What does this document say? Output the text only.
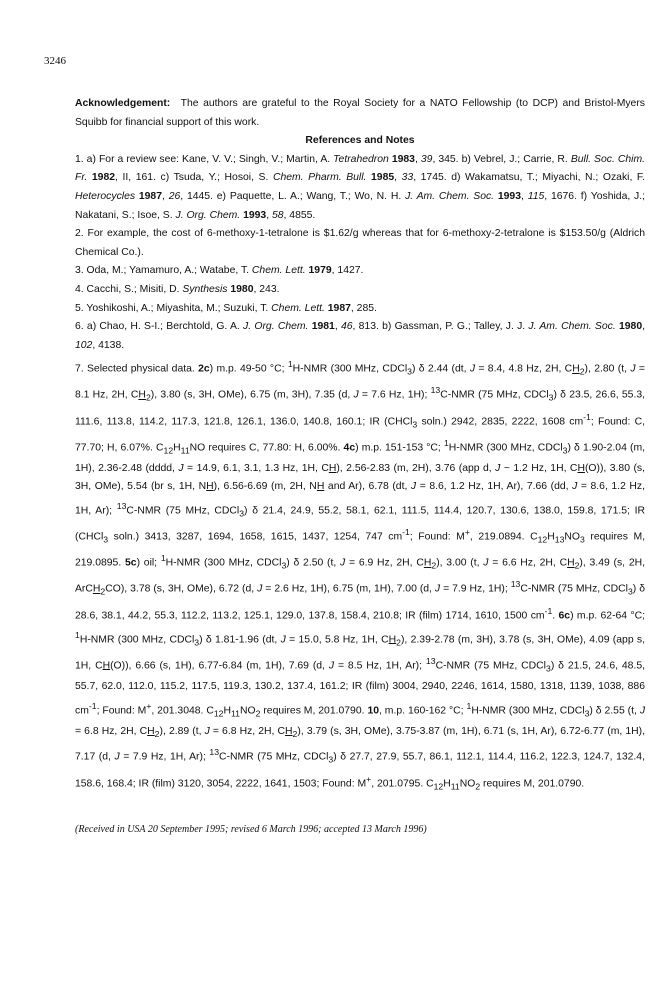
3246

Acknowledgement: The authors are grateful to the Royal Society for a NATO Fellowship (to DCP) and Bristol-Myers Squibb for financial support of this work.

References and Notes

1. a) For a review see: Kane, V. V.; Singh, V.; Martin, A. Tetrahedron 1983, 39, 345. b) Vebrel, J.; Carrie, R. Bull. Soc. Chim. Fr. 1982, II, 161. c) Tsuda, Y.; Hosoi, S. Chem. Pharm. Bull. 1985, 33, 1745. d) Wakamatsu, T.; Miyachi, N.; Ozaki, F. Heterocycles 1987, 26, 1445. e) Paquette, L. A.; Wang, T.; Wo, N. H. J. Am. Chem. Soc. 1993, 115, 1676. f) Yoshida, J.; Nakatani, S.; Isoe, S. J. Org. Chem. 1993, 58, 4855.

2. For example, the cost of 6-methoxy-1-tetralone is $1.62/g whereas that for 6-methoxy-2-tetralone is $153.50/g (Aldrich Chemical Co.).

3. Oda, M.; Yamamuro, A.; Watabe, T. Chem. Lett. 1979, 1427.

4. Cacchi, S.; Misiti, D. Synthesis 1980, 243.

5. Yoshikoshi, A.; Miyashita, M.; Suzuki, T. Chem. Lett. 1987, 285.

6. a) Chao, H. S-I.; Berchtold, G. A. J. Org. Chem. 1981, 46, 813. b) Gassman, P. G.; Talley, J. J. J. Am. Chem. Soc. 1980, 102, 4138.

7. Selected physical data. 2c) m.p. 49-50 °C; $^1$H-NMR (300 MHz, CDCl$_3$) δ 2.44 (dt, J = 8.4, 4.8 Hz, 2H, $CH_2$), 2.80 (t, J = 8.1 Hz, 2H, $CH_2$), 3.80 (s, 3H, OMe), 6.75 (m, 3H), 7.35 (d, J = 7.6 Hz, 1H); $^{13}$C-NMR (75 MHz, CDCl$_3$) δ 23.5, 26.6, 55.3, 111.6, 113.8, 114.2, 117.3, 121.8, 126.1, 136.0, 140.8, 160.1; IR (CHCl$_3$ soln.) 2942, 2835, 2222, 1608 $cm^{-1}$; Found: C, 77.70; H, 6.07%. $C_{12}H_{11}NO$ requires C, 77.80: H, 6.00%. 4c) m.p. 151-153 °C; $^1$H-NMR (300 MHz, CDCl$_3$) δ 1.90-2.04 (m, 1H), 2.36-2.48 (dddd, J = 14.9, 6.1, 3.1, 1.3 Hz, 1H, CH), 2.56-2.83 (m, 2H), 3.76 (app d, J ~ 1.2 Hz, 1H, CH(O)), 3.80 (s, 3H, OMe), 5.54 (br s, 1H, NH), 6.56-6.69 (m, 2H, NH and Ar), 6.78 (dt, J = 8.6, 1.2 Hz, 1H, Ar), 7.66 (dd, J = 8.6, 1.2 Hz, 1H, Ar); $^{13}$C-NMR (75 MHz, CDCl$_3$) δ 21.4, 24.9, 55.2, 58.1, 62.1, 111.5, 114.4, 120.7, 130.6, 138.0, 159.8, 171.5; IR (CHCl$_3$ soln.) 3413, 3287, 1694, 1658, 1615, 1437, 1254, 747 $cm^{-1}$; Found: M+, 219.0894. $C_{12}H_{13}NO_3$ requires M, 219.0895. 5c) oil; $^1$H-NMR (300 MHz, CDCl$_3$) δ 2.50 (t, J = 6.9 Hz, 2H, $CH_2$), 3.00 (t, J = 6.6 Hz, 2H, $CH_2$), 3.49 (s, 2H, ArCH$_2$CO), 3.78 (s, 3H, OMe), 6.72 (d, J = 2.6 Hz, 1H), 6.75 (m, 1H), 7.00 (d, J = 7.9 Hz, 1H); $^{13}$C-NMR (75 MHz, CDCl$_3$) δ 28.6, 38.1, 44.2, 55.3, 112.2, 113.2, 125.1, 129.0, 137.8, 158.4, 210.8; IR (film) 1714, 1610, 1500 $cm^{-1}$. 6c) m.p. 62-64 °C; $^1$H-NMR (300 MHz, CDCl$_3$) δ 1.81-1.96 (dt, J = 15.0, 5.8 Hz, 1H, $CH_2$), 2.39-2.78 (m, 3H), 3.78 (s, 3H, OMe), 4.09 (app s, 1H, CH(O)), 6.66 (s, 1H), 6.77-6.84 (m, 1H), 7.69 (d, J = 8.5 Hz, 1H, Ar); $^{13}$C-NMR (75 MHz, CDCl$_3$) δ 21.5, 24.6, 48.5, 55.7, 62.0, 112.0, 115.2, 117.5, 119.3, 130.2, 137.4, 161.2; IR (film) 3004, 2940, 2246, 1614, 1580, 1318, 1139, 1038, 886 $cm^{-1}$; Found: M+, 201.3048. $C_{12}H_{11}NO_2$ requires M, 201.0790. 10, m.p. 160-162 °C; $^1$H-NMR (300 MHz, CDCl$_3$) δ 2.55 (t, J = 6.8 Hz, 2H, $CH_2$), 2.89 (t, J = 6.8 Hz, 2H, $CH_2$), 3.79 (s, 3H, OMe), 3.75-3.87 (m, 1H), 6.71 (s, 1H, Ar), 6.72-6.77 (m, 1H), 7.17 (d, J = 7.9 Hz, 1H, Ar); $^{13}$C-NMR (75 MHz, CDCl$_3$) δ 27.7, 27.9, 55.7, 86.1, 112.1, 114.4, 116.2, 122.3, 124.7, 132.4, 158.6, 168.4; IR (film) 3120, 3054, 2222, 1641, 1503; Found: M+, 201.0795. $C_{12}H_{11}NO_2$ requires M, 201.0790.

(Received in USA 20 September 1995; revised 6 March 1996; accepted 13 March 1996)
